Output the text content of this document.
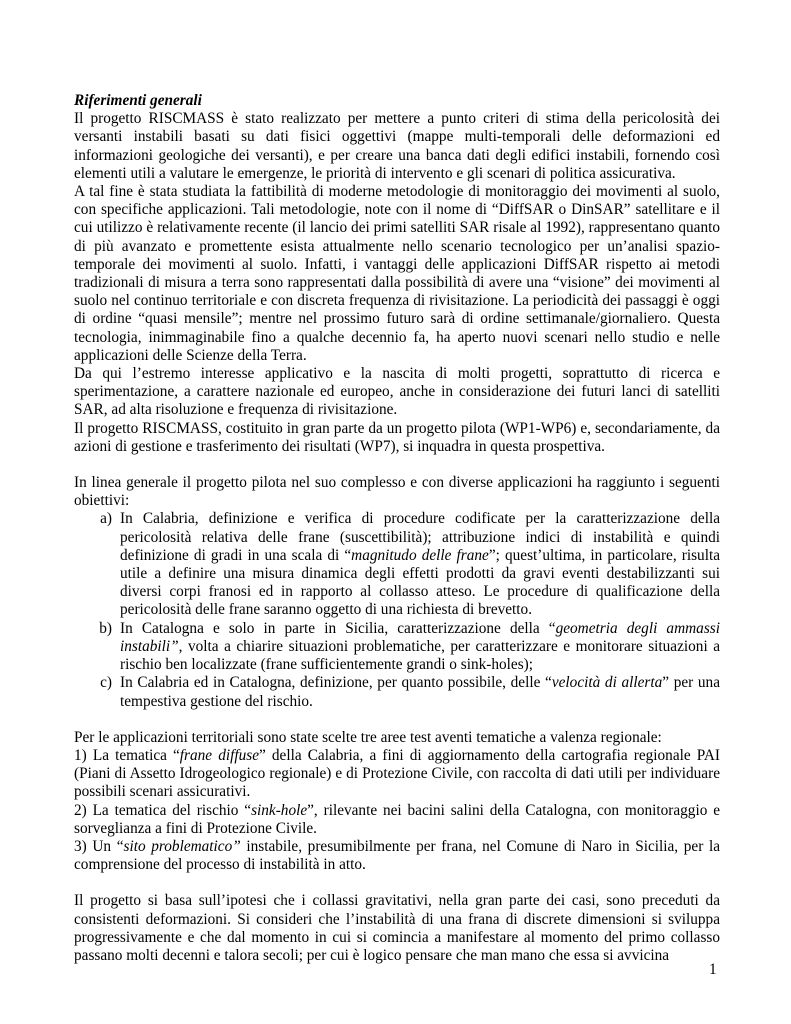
Riferimenti generali

Il progetto RISCMASS è stato realizzato per mettere a punto criteri di stima della pericolosità dei versanti instabili basati su dati fisici oggettivi (mappe multi-temporali delle deformazioni ed informazioni geologiche dei versanti), e per creare una banca dati degli edifici instabili, fornendo così elementi utili a valutare le emergenze, le priorità di intervento e gli scenari di politica assicurativa.

A tal fine è stata studiata la fattibilità di moderne metodologie di monitoraggio dei movimenti al suolo, con specifiche applicazioni. Tali metodologie, note con il nome di “DiffSAR o DinSAR” satellitare e il cui utilizzo è relativamente recente (il lancio dei primi satelliti SAR risale al 1992), rappresentano quanto di più avanzato e promettente esista attualmente nello scenario tecnologico per un’analisi spazio-temporale dei movimenti al suolo. Infatti, i vantaggi delle applicazioni DiffSAR rispetto ai metodi tradizionali di misura a terra sono rappresentati dalla possibilità di avere una “visione” dei movimenti al suolo nel continuo territoriale e con discreta frequenza di rivisitazione. La periodicità dei passaggi è oggi di ordine “quasi mensile”; mentre nel prossimo futuro sarà di ordine settimanale/giornaliero. Questa tecnologia, inimmaginabile fino a qualche decennio fa, ha aperto nuovi scenari nello studio e nelle applicazioni delle Scienze della Terra.

Da qui l’estremo interesse applicativo e la nascita di molti progetti, soprattutto di ricerca e sperimentazione, a carattere nazionale ed europeo, anche in considerazione dei futuri lanci di satelliti SAR, ad alta risoluzione e frequenza di rivisitazione.

Il progetto RISCMASS, costituito in gran parte da un progetto pilota (WP1-WP6) e, secondariamente, da azioni di gestione e trasferimento dei risultati (WP7), si inquadra in questa prospettiva.

In linea generale il progetto pilota nel suo complesso e con diverse applicazioni ha raggiunto i seguenti obiettivi:

a) In Calabria, definizione e verifica di procedure codificate per la caratterizzazione della pericolosità relativa delle frane (suscettibilità); attribuzione indici di instabilità e quindi definizione di gradi in una scala di “magnitudo delle frane”; quest’ultima, in particolare, risulta utile a definire una misura dinamica degli effetti prodotti da gravi eventi destabilizzanti sui diversi corpi franosi ed in rapporto al collasso atteso. Le procedure di qualificazione della pericolosità delle frane saranno oggetto di una richiesta di brevetto.
b) In Catalogna e solo in parte in Sicilia, caratterizzazione della “geometria degli ammassi instabili”, volta a chiarire situazioni problematiche, per caratterizzare e monitorare situazioni a rischio ben localizzate (frane sufficientemente grandi o sink-holes);
c) In Calabria ed in Catalogna, definizione, per quanto possibile, delle “velocità di allerta” per una tempestiva gestione del rischio.

Per le applicazioni territoriali sono state scelte tre aree test aventi tematiche a valenza regionale:

1) La tematica “frane diffuse” della Calabria, a fini di aggiornamento della cartografia regionale PAI (Piani di Assetto Idrogeologico regionale) e di Protezione Civile, con raccolta di dati utili per individuare possibili scenari assicurativi.

2) La tematica del rischio “sink-hole”, rilevante nei bacini salini della Catalogna, con monitoraggio e sorveglianza a fini di Protezione Civile.

3) Un “sito problematico” instabile, presumibilmente per frana, nel Comune di Naro in Sicilia, per la comprensione del processo di instabilità in atto.

Il progetto si basa sull’ipotesi che i collassi gravitativi, nella gran parte dei casi, sono preceduti da consistenti deformazioni. Si consideri che l’instabilità di una frana di discrete dimensioni si sviluppa progressivamente e che dal momento in cui si comincia a manifestare al momento del primo collasso passano molti decenni e talora secoli; per cui è logico pensare che man mano che essa si avvicina

1
